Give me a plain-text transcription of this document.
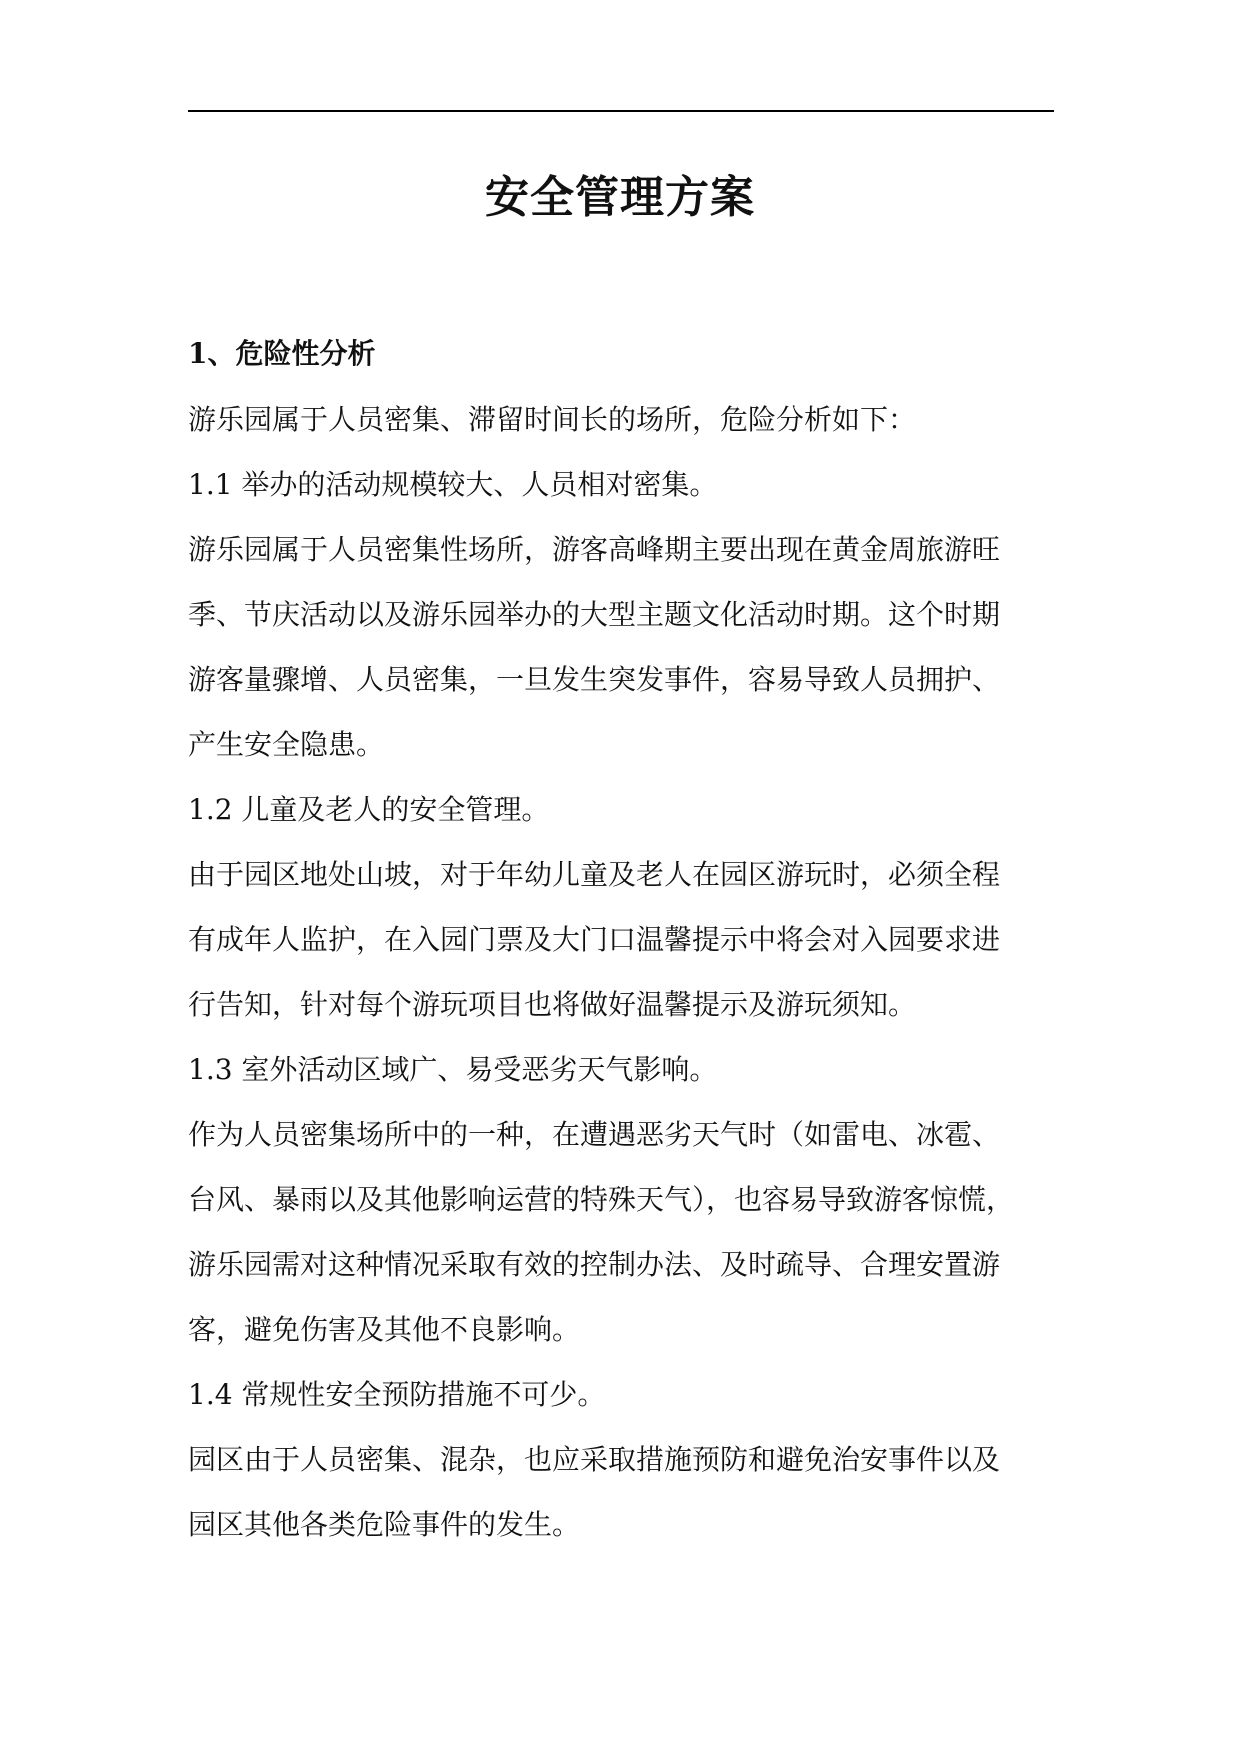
安全管理方案
1、危险性分析
游乐园属于人员密集、滞留时间长的场所，危险分析如下：
1.1 举办的活动规模较大、人员相对密集。
游乐园属于人员密集性场所，游客高峰期主要出现在黄金周旅游旺
季、节庆活动以及游乐园举办的大型主题文化活动时期。这个时期
游客量骤增、人员密集，一旦发生突发事件，容易导致人员拥护、
产生安全隐患。
1.2 儿童及老人的安全管理。
由于园区地处山坡，对于年幼儿童及老人在园区游玩时，必须全程
有成年人监护，在入园门票及大门口温馨提示中将会对入园要求进
行告知，针对每个游玩项目也将做好温馨提示及游玩须知。
1.3 室外活动区域广、易受恶劣天气影响。
作为人员密集场所中的一种，在遭遇恶劣天气时（如雷电、冰雹、
台风、暴雨以及其他影响运营的特殊天气），也容易导致游客惊慌，
游乐园需对这种情况采取有效的控制办法、及时疏导、合理安置游
客，避免伤害及其他不良影响。
1.4 常规性安全预防措施不可少。
园区由于人员密集、混杂，也应采取措施预防和避免治安事件以及
园区其他各类危险事件的发生。
